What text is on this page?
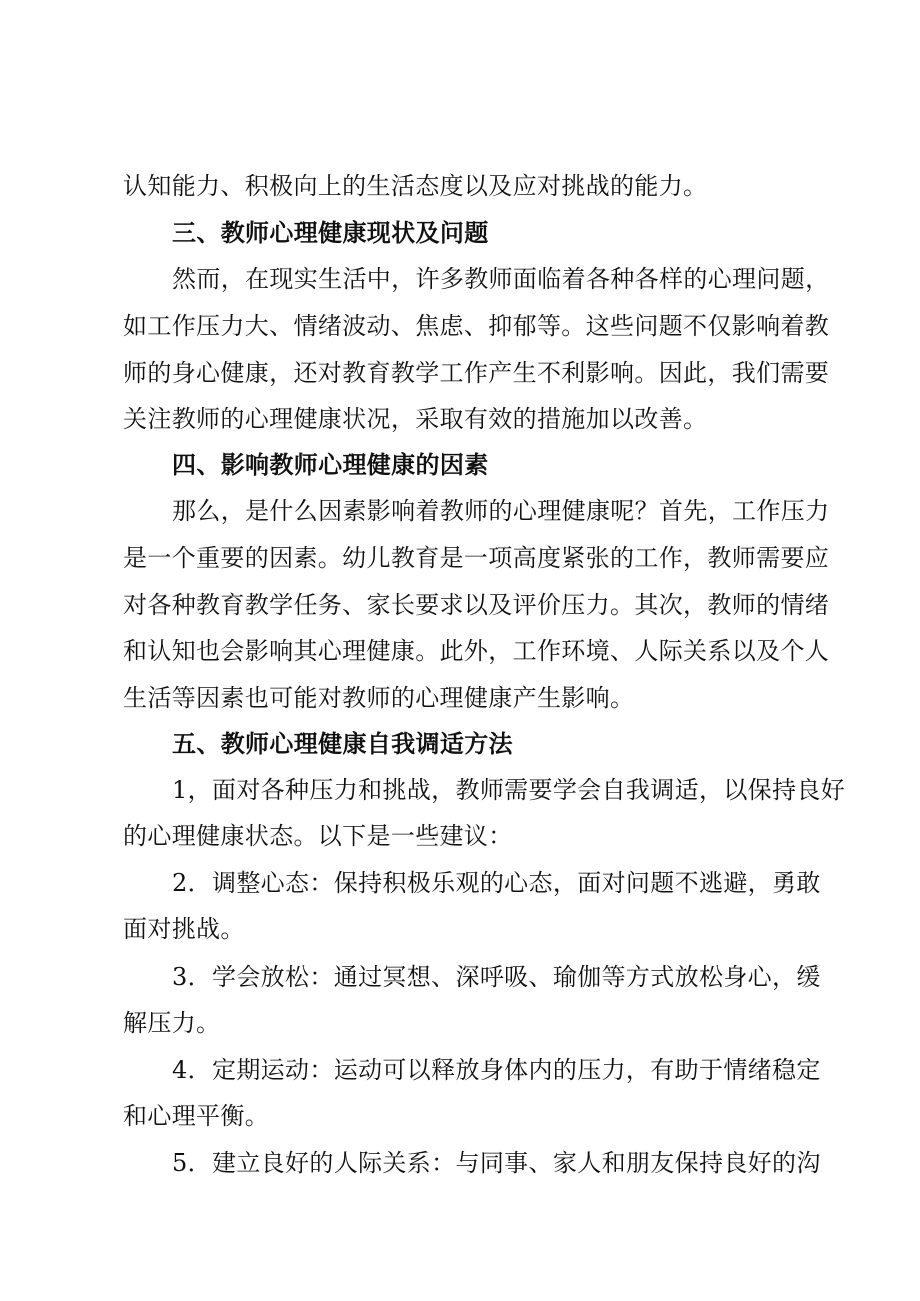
认知能力、积极向上的生活态度以及应对挑战的能力。
三、教师心理健康现状及问题
然而，在现实生活中，许多教师面临着各种各样的心理问题，
如工作压力大、情绪波动、焦虑、抑郁等。这些问题不仅影响着教
师的身心健康，还对教育教学工作产生不利影响。因此，我们需要
关注教师的心理健康状况，采取有效的措施加以改善。
四、影响教师心理健康的因素
那么，是什么因素影响着教师的心理健康呢？首先，工作压力
是一个重要的因素。幼儿教育是一项高度紧张的工作，教师需要应
对各种教育教学任务、家长要求以及评价压力。其次，教师的情绪
和认知也会影响其心理健康。此外，工作环境、人际关系以及个人
生活等因素也可能对教师的心理健康产生影响。
五、教师心理健康自我调适方法
1，面对各种压力和挑战，教师需要学会自我调适，以保持良好
的心理健康状态。以下是一些建议：
2．调整心态：保持积极乐观的心态，面对问题不逃避，勇敢
面对挑战。
3．学会放松：通过冥想、深呼吸、瑜伽等方式放松身心，缓
解压力。
4．定期运动：运动可以释放身体内的压力，有助于情绪稳定
和心理平衡。
5．建立良好的人际关系：与同事、家人和朋友保持良好的沟
